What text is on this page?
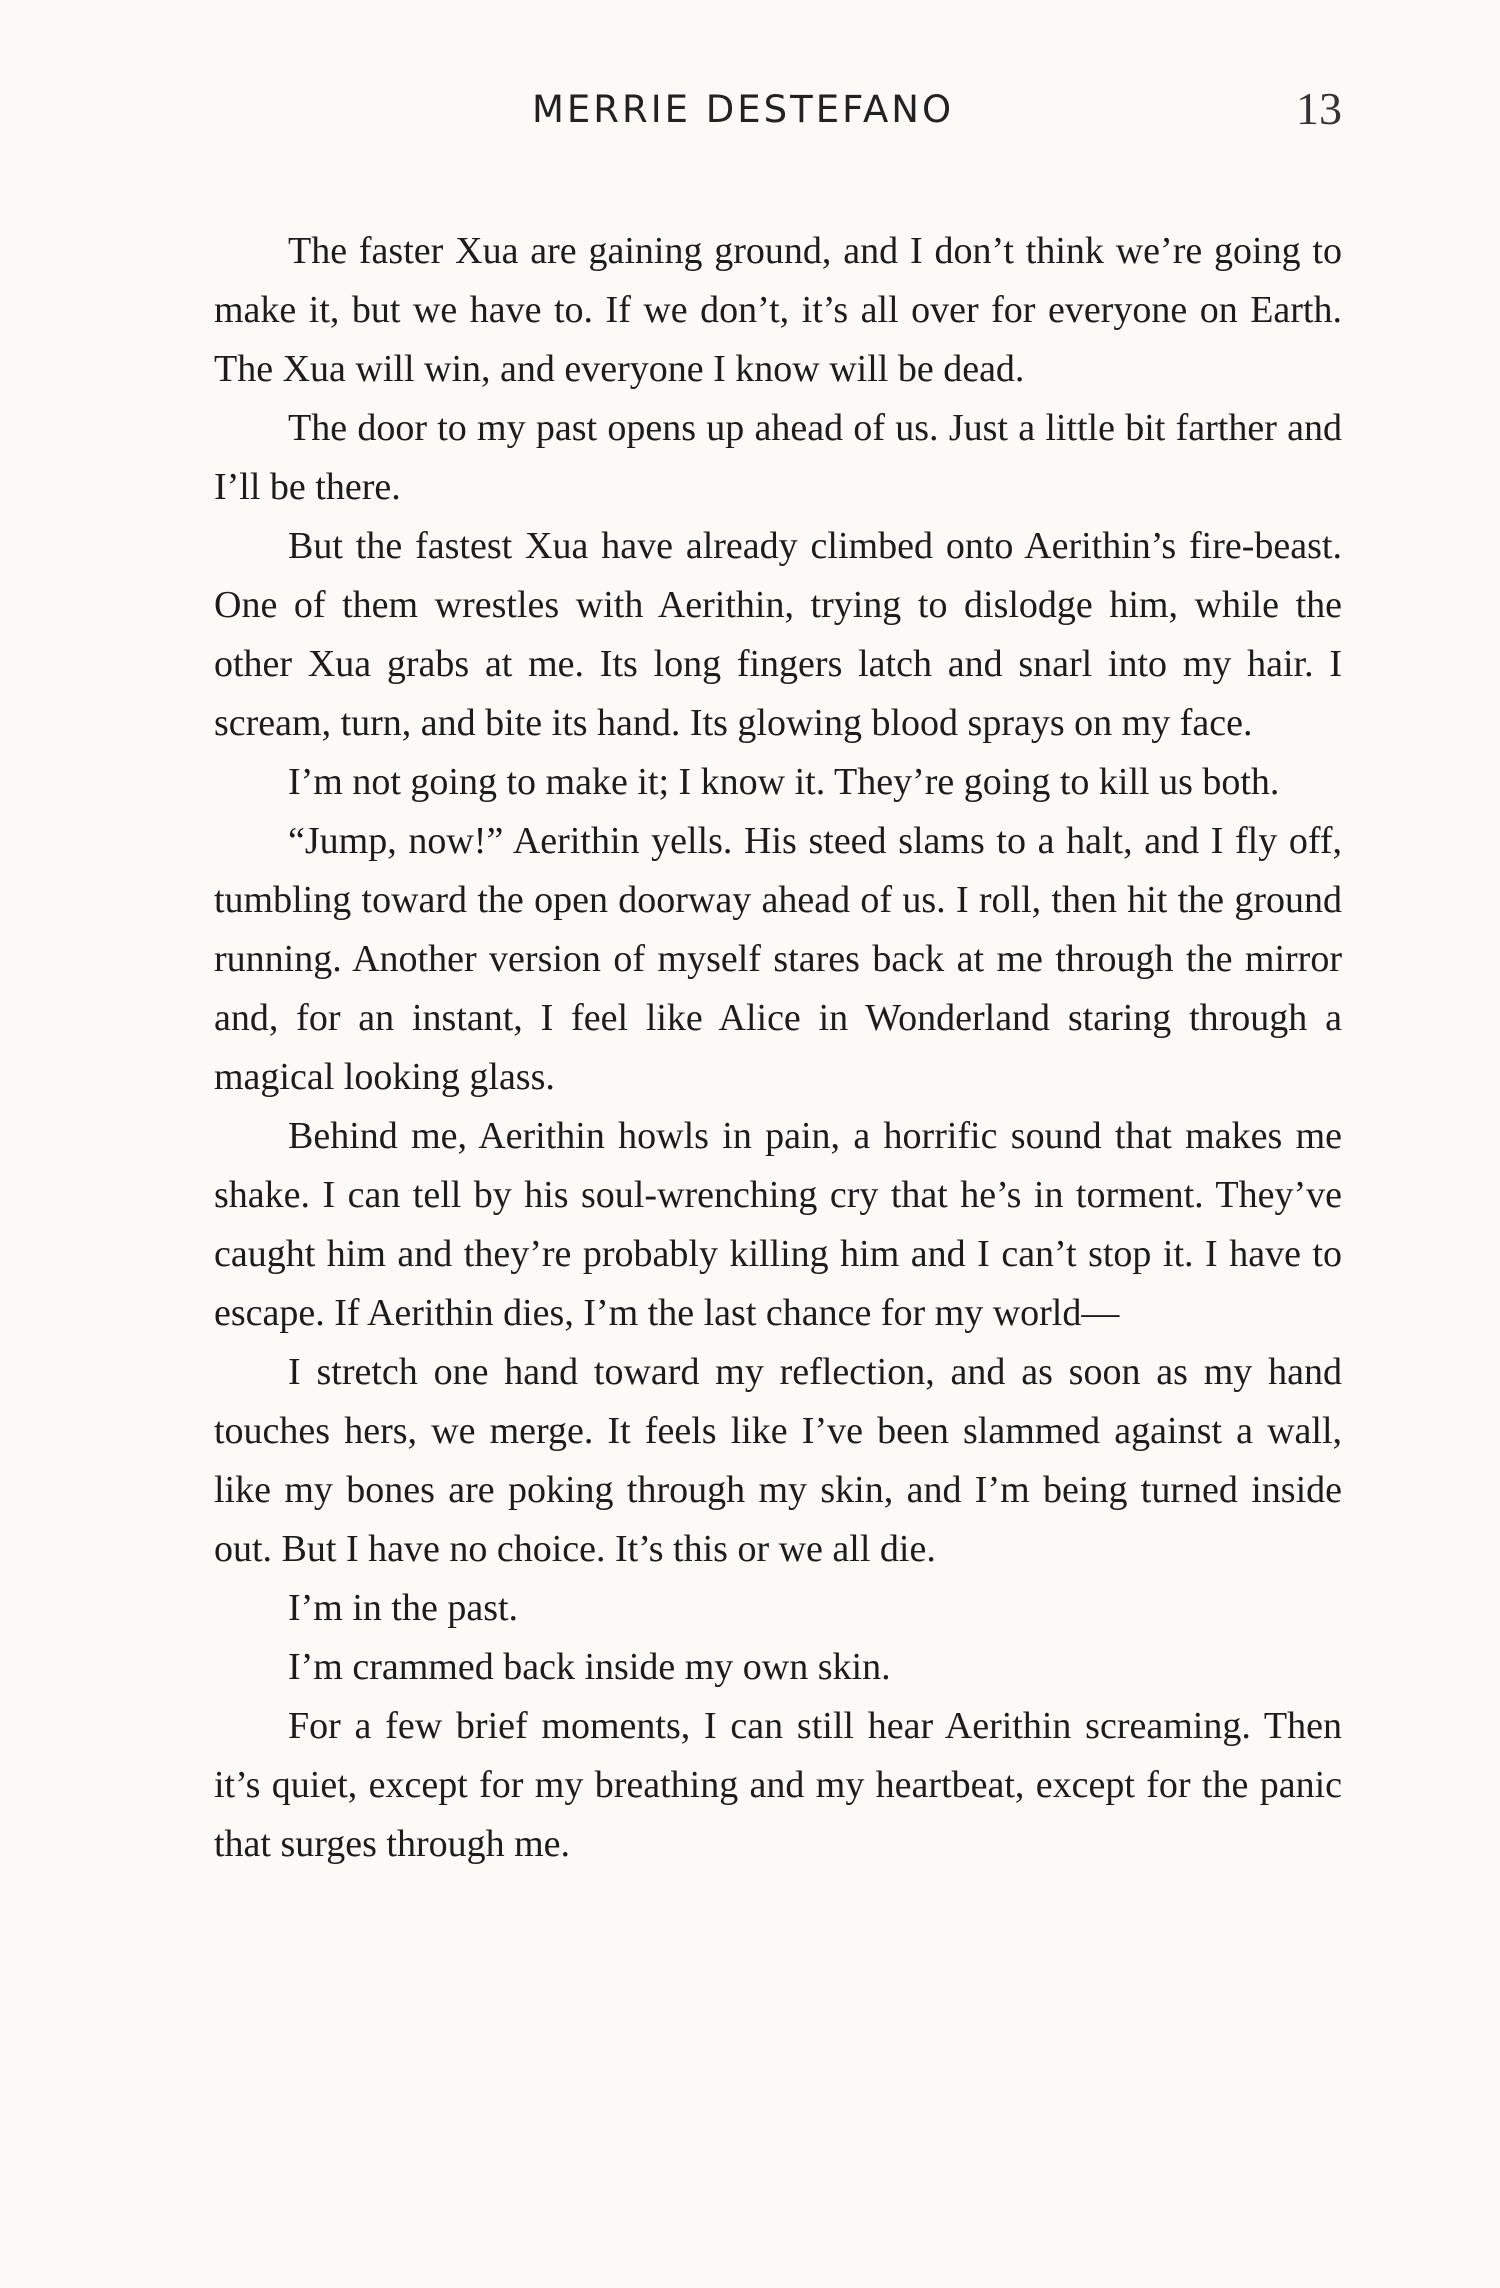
MERRIE DESTEFANO	13

The faster Xua are gaining ground, and I don’t think we’re going to make it, but we have to. If we don’t, it’s all over for everyone on Earth. The Xua will win, and everyone I know will be dead.

The door to my past opens up ahead of us. Just a little bit farther and I’ll be there.

But the fastest Xua have already climbed onto Aerithin’s fire-beast. One of them wrestles with Aerithin, trying to dislodge him, while the other Xua grabs at me. Its long fingers latch and snarl into my hair. I scream, turn, and bite its hand. Its glowing blood sprays on my face.

I’m not going to make it; I know it. They’re going to kill us both.

“Jump, now!” Aerithin yells. His steed slams to a halt, and I fly off, tumbling toward the open doorway ahead of us. I roll, then hit the ground running. Another version of myself stares back at me through the mirror and, for an instant, I feel like Alice in Wonderland staring through a magical looking glass.

Behind me, Aerithin howls in pain, a horrific sound that makes me shake. I can tell by his soul-wrenching cry that he’s in torment. They’ve caught him and they’re probably killing him and I can’t stop it. I have to escape. If Aerithin dies, I’m the last chance for my world—

I stretch one hand toward my reflection, and as soon as my hand touches hers, we merge. It feels like I’ve been slammed against a wall, like my bones are poking through my skin, and I’m being turned inside out. But I have no choice. It’s this or we all die.

I’m in the past.

I’m crammed back inside my own skin.

For a few brief moments, I can still hear Aerithin screaming. Then it’s quiet, except for my breathing and my heartbeat, except for the panic that surges through me.
